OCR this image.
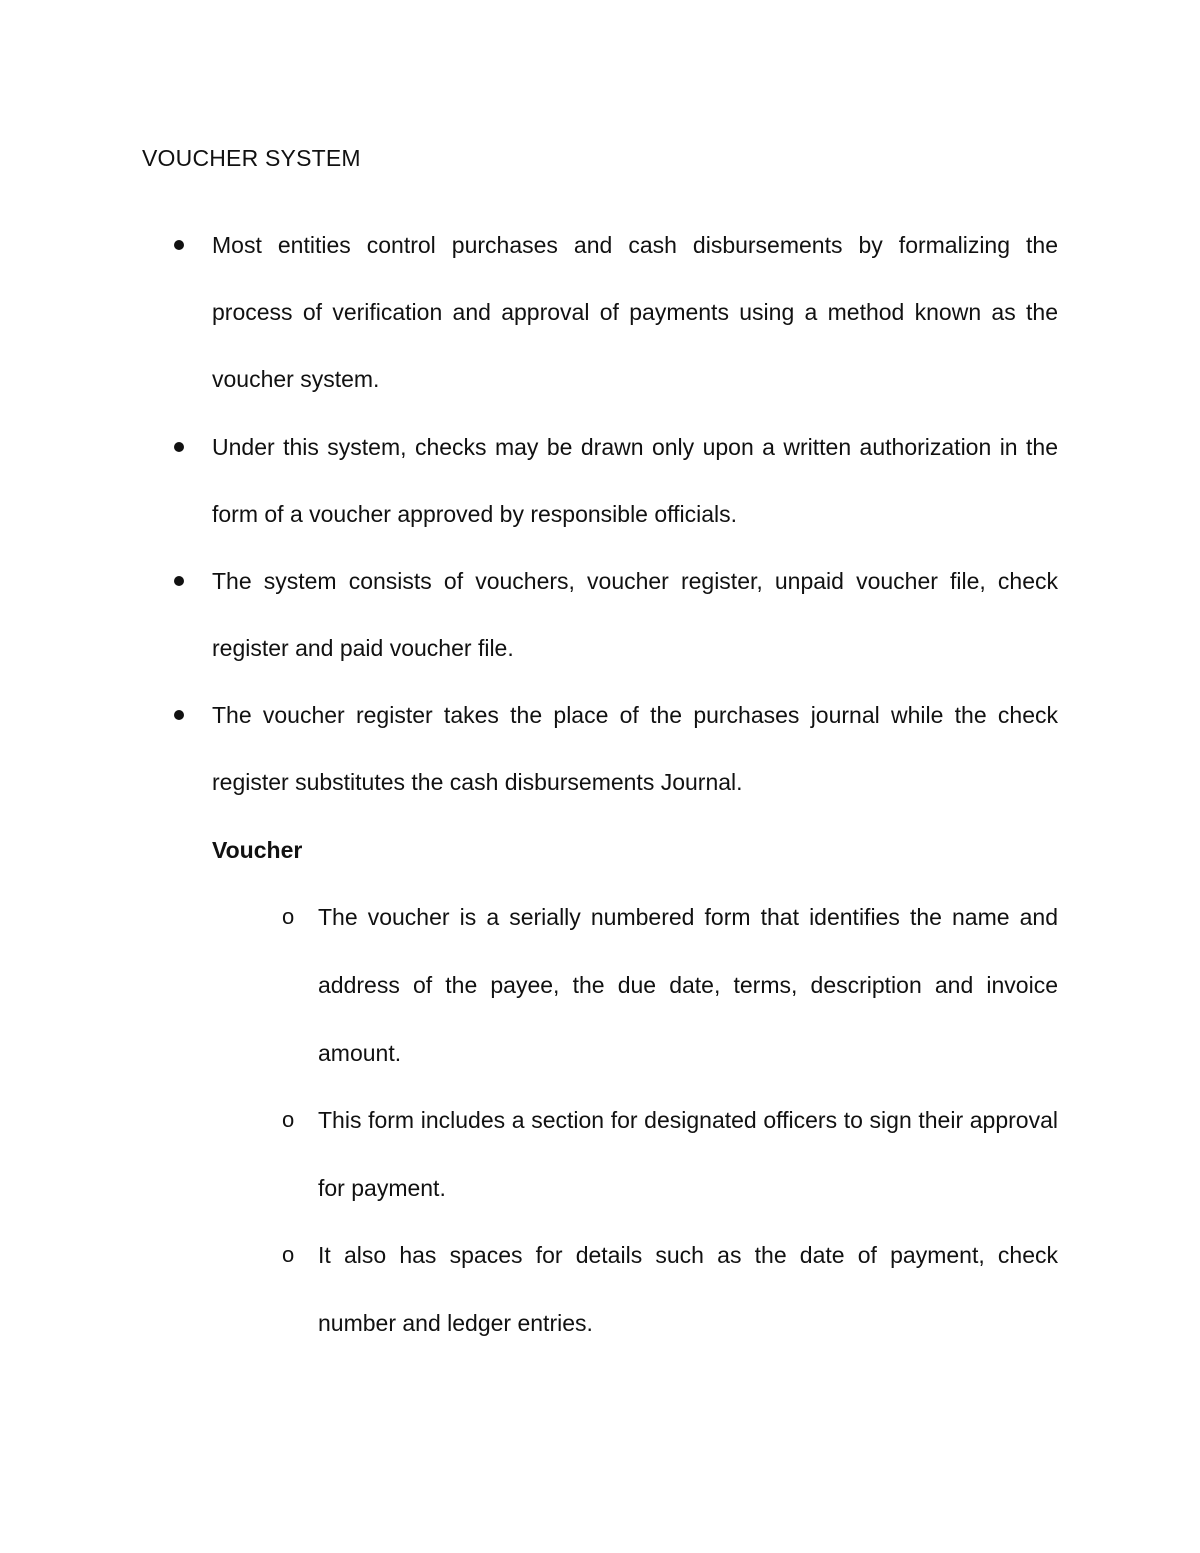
VOUCHER SYSTEM
Most entities control purchases and cash disbursements by formalizing the process of verification and approval of payments using a method known as the voucher system.
Under this system, checks may be drawn only upon a written authorization in the form of a voucher approved by responsible officials.
The system consists of vouchers, voucher register, unpaid voucher file, check register and paid voucher file.
The voucher register takes the place of the purchases journal while the check register substitutes the cash disbursements Journal.
Voucher
o The voucher is a serially numbered form that identifies the name and address of the payee, the due date, terms, description and invoice amount.
o This form includes a section for designated officers to sign their approval for payment.
o It also has spaces for details such as the date of payment, check number and ledger entries.
